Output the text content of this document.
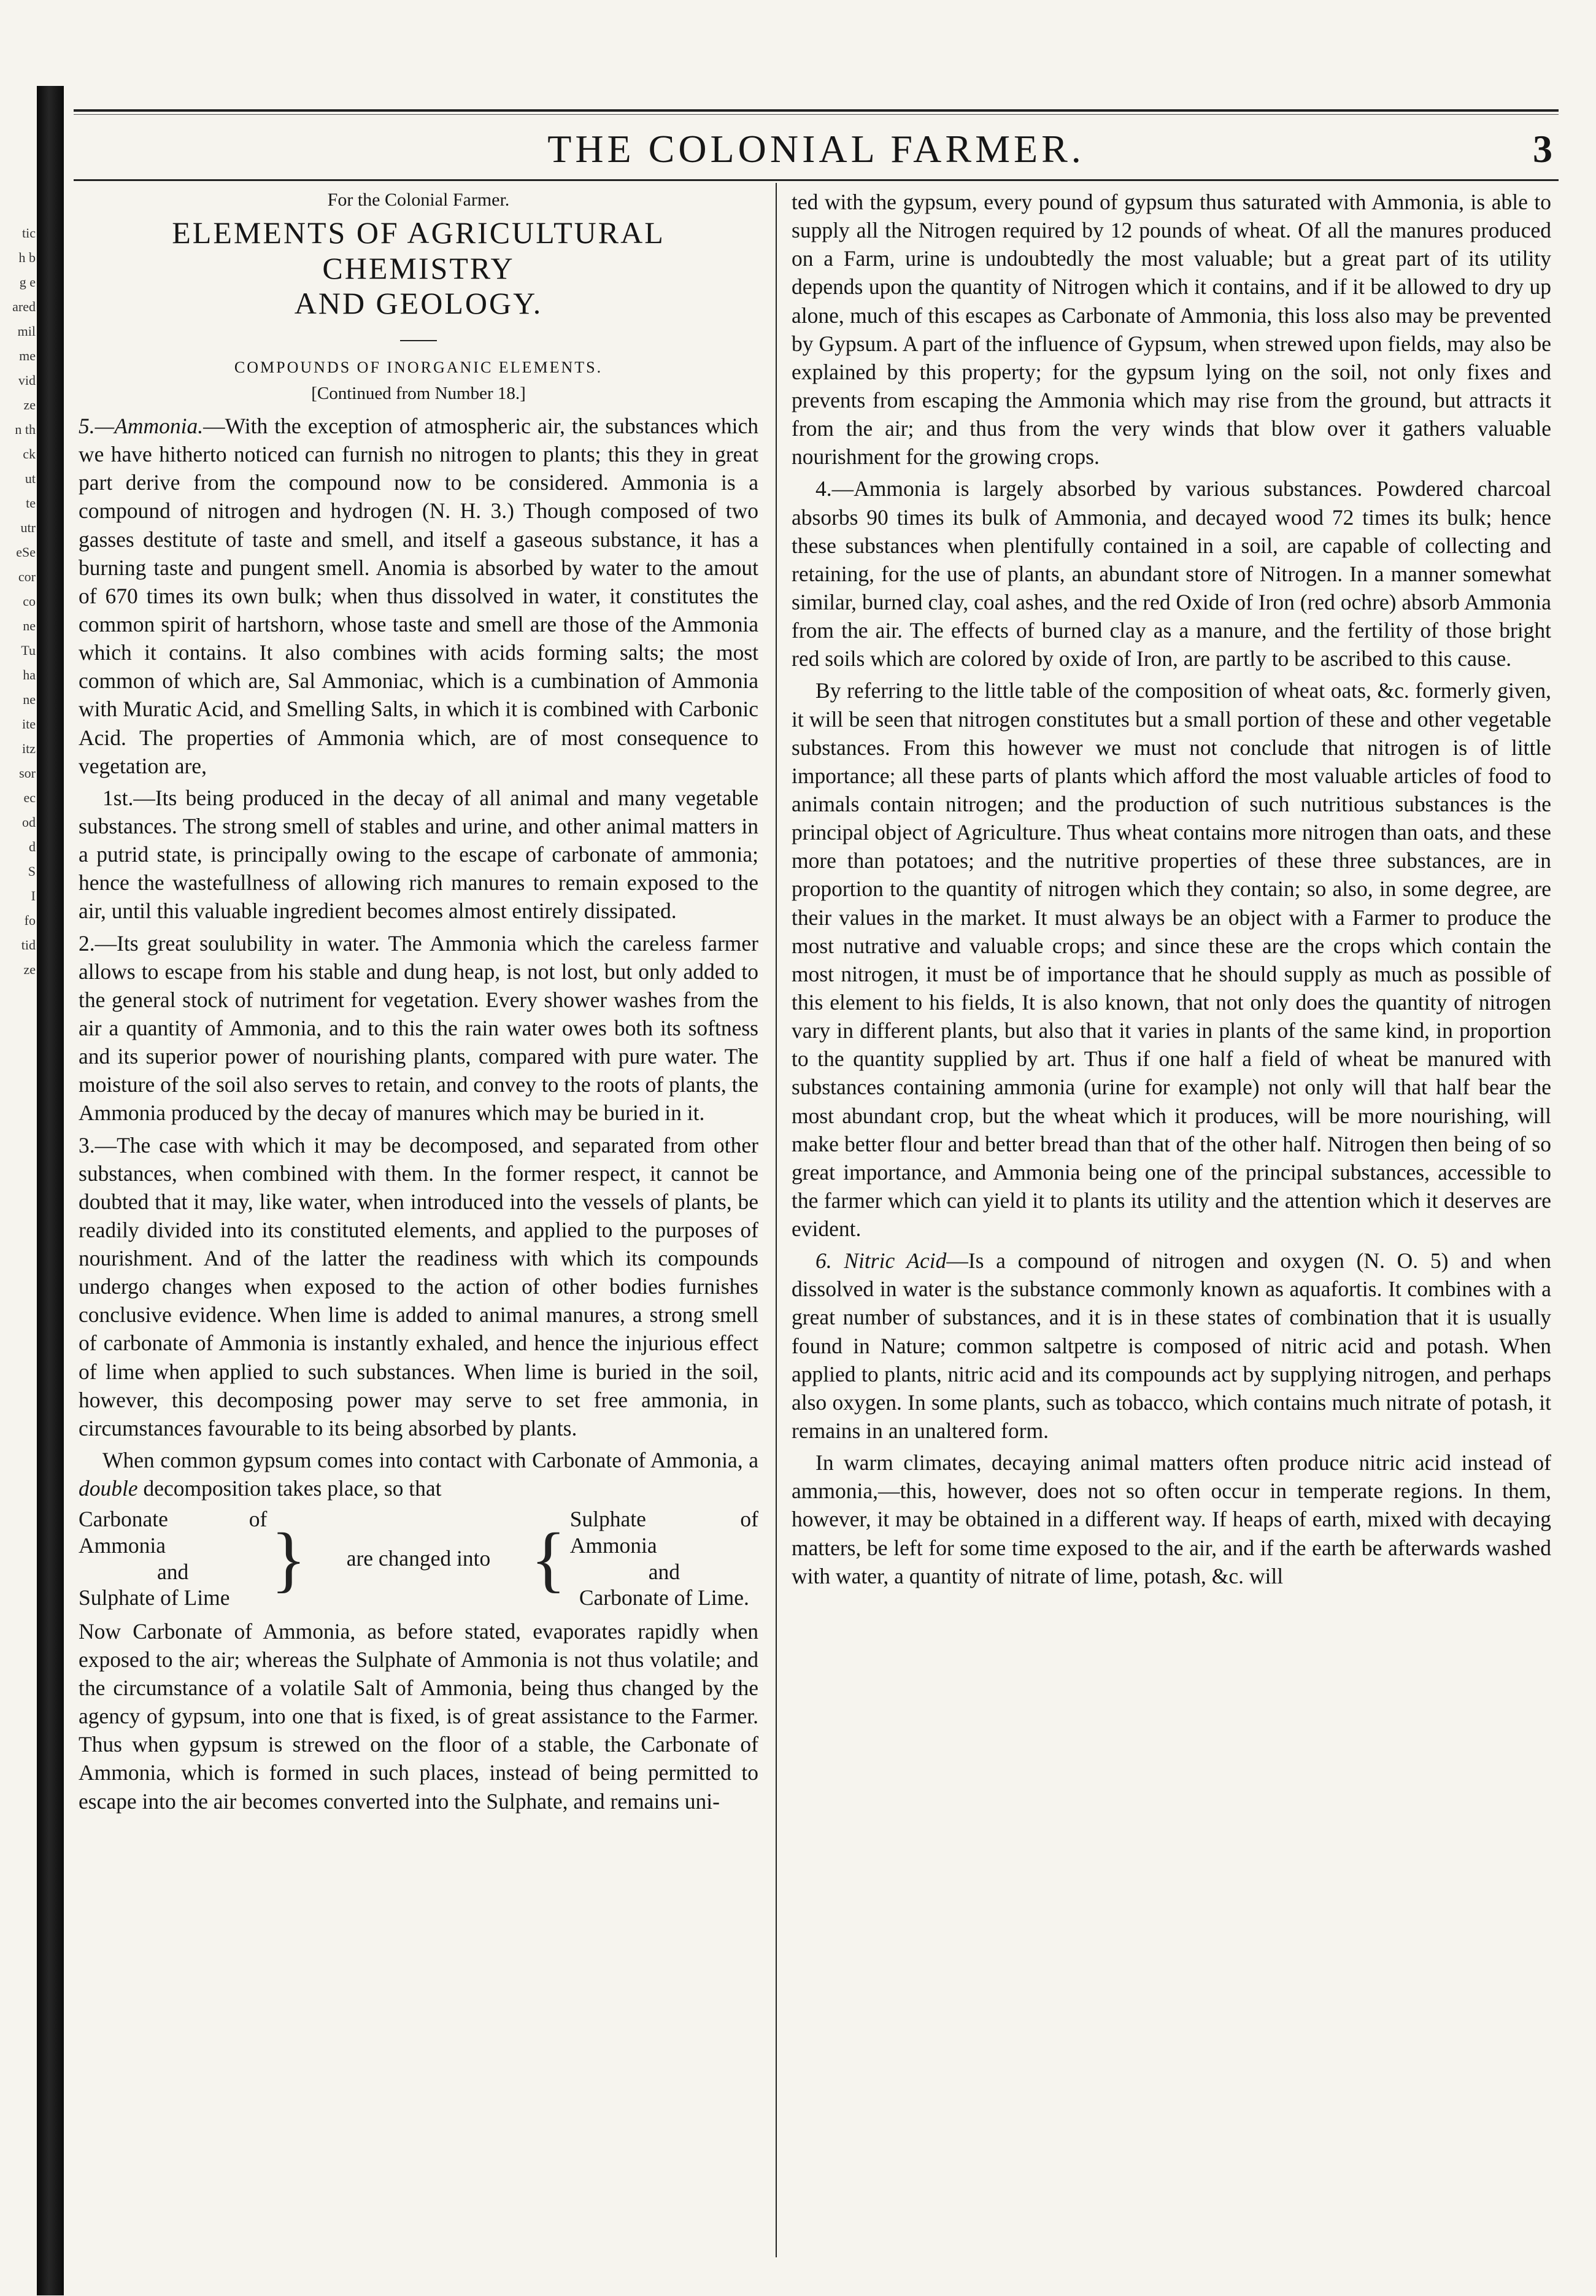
tic
h b
g e
ared
mil
me
vid
ze
n th
ck
ut
te
utr
eSe
cor
co
ne
Tu
ha
ne
ite
itz
sor
ec
od
d
S
I
fo
tid
ze
THE COLONIAL FARMER.	3
For the Colonial Farmer.
ELEMENTS OF AGRICULTURAL CHEMISTRY
AND GEOLOGY.
COMPOUNDS OF INORGANIC ELEMENTS.
[Continued from Number 18.]

5.—Ammonia.—With the exception of atmospheric air, the substances which we have hitherto noticed can furnish no nitrogen to plants; this they in great part derive from the compound now to be considered. Ammonia is a compound of nitrogen and hydrogen (N. H. 3.) Though composed of two gasses destitute of taste and smell, and itself a gaseous substance, it has a burning taste and pungent smell. Anomia is absorbed by water to the amout of 670 times its own bulk; when thus dissolved in water, it constitutes the common spirit of hartshorn, whose taste and smell are those of the Ammonia which it contains. It also combines with acids forming salts; the most common of which are, Sal Ammoniac, which is a cumbination of Ammonia with Muratic Acid, and Smelling Salts, in which it is combined with Carbonic Acid. The properties of Ammonia which, are of most consequence to vegetation are,

1st.—Its being produced in the decay of all animal and many vegetable substances. The strong smell of stables and urine, and other animal matters in a putrid state, is principally owing to the escape of carbonate of ammonia; hence the wastefullness of allowing rich manures to remain exposed to the air, until this valuable ingredient becomes almost entirely dissipated.

2.—Its great soulubility in water. The Ammonia which the careless farmer allows to escape from his stable and dung heap, is not lost, but only added to the general stock of nutriment for vegetation. Every shower washes from the air a quantity of Ammonia, and to this the rain water owes both its softness and its superior power of nourishing plants, compared with pure water. The moisture of the soil also serves to retain, and convey to the roots of plants, the Ammonia produced by the decay of manures which may be buried in it.

3.—The case with which it may be decomposed, and separated from other substances, when combined with them. In the former respect, it cannot be doubted that it may, like water, when introduced into the vessels of plants, be readily divided into its constituted elements, and applied to the purposes of nourishment. And of the latter the readiness with which its compounds undergo changes when exposed to the action of other bodies furnishes conclusive evidence. When lime is added to animal manures, a strong smell of carbonate of Ammonia is instantly exhaled, and hence the injurious effect of lime when applied to such substances. When lime is buried in the soil, however, this decomposing power may serve to set free ammonia, in circumstances favourable to its being absorbed by plants.

When common gypsum comes into contact with Carbonate of Ammonia, a double decomposition takes place, so that

Carbonate of Ammonia
and
Sulphate of Lime }	are changed into { Sulphate of Ammonia
and
Carbonate of Lime.

Now Carbonate of Ammonia, as before stated, evaporates rapidly when exposed to the air; whereas the Sulphate of Ammonia is not thus volatile; and the circumstance of a volatile Salt of Ammonia, being thus changed by the agency of gypsum, into one that is fixed, is of great assistance to the Farmer. Thus when gypsum is strewed on the floor of a stable, the Carbonate of Ammonia, which is formed in such places, instead of being permitted to escape into the air becomes converted into the Sulphate, and remains uni-

ted with the gypsum, every pound of gypsum thus saturated with Ammonia, is able to supply all the Nitrogen required by 12 pounds of wheat. Of all the manures produced on a Farm, urine is undoubtedly the most valuable; but a great part of its utility depends upon the quantity of Nitrogen which it contains, and if it be allowed to dry up alone, much of this escapes as Carbonate of Ammonia, this loss also may be prevented by Gypsum. A part of the influence of Gypsum, when strewed upon fields, may also be explained by this property; for the gypsum lying on the soil, not only fixes and prevents from escaping the Ammonia which may rise from the ground, but attracts it from the air; and thus from the very winds that blow over it gathers valuable nourishment for the growing crops.

4.—Ammonia is largely absorbed by various substances. Powdered charcoal absorbs 90 times its bulk of Ammonia, and decayed wood 72 times its bulk; hence these substances when plentifully contained in a soil, are capable of collecting and retaining, for the use of plants, an abundant store of Nitrogen. In a manner somewhat similar, burned clay, coal ashes, and the red Oxide of Iron (red ochre) absorb Ammonia from the air. The effects of burned clay as a manure, and the fertility of those bright red soils which are colored by oxide of Iron, are partly to be ascribed to this cause.

By referring to the little table of the composition of wheat oats, &c. formerly given, it will be seen that nitrogen constitutes but a small portion of these and other vegetable substances. From this however we must not conclude that nitrogen is of little importance; all these parts of plants which afford the most valuable articles of food to animals contain nitrogen; and the production of such nutritious substances is the principal object of Agriculture. Thus wheat contains more nitrogen than oats, and these more than potatoes; and the nutritive properties of these three substances, are in proportion to the quantity of nitrogen which they contain; so also, in some degree, are their values in the market. It must always be an object with a Farmer to produce the most nutrative and valuable crops; and since these are the crops which contain the most nitrogen, it must be of importance that he should supply as much as possible of this element to his fields, It is also known, that not only does the quantity of nitrogen vary in different plants, but also that it varies in plants of the same kind, in proportion to the quantity supplied by art. Thus if one half a field of wheat be manured with substances containing ammonia (urine for example) not only will that half bear the most abundant crop, but the wheat which it produces, will be more nourishing, will make better flour and better bread than that of the other half. Nitrogen then being of so great importance, and Ammonia being one of the principal substances, accessible to the farmer which can yield it to plants its utility and the attention which it deserves are evident.

6. Nitric Acid—Is a compound of nitrogen and oxygen (N. O. 5) and when dissolved in water is the substance commonly known as aquafortis. It combines with a great number of substances, and it is in these states of combination that it is usually found in Nature; common saltpetre is composed of nitric acid and potash. When applied to plants, nitric acid and its compounds act by supplying nitrogen, and perhaps also oxygen. In some plants, such as tobacco, which contains much nitrate of potash, it remains in an unaltered form.

In warm climates, decaying animal matters often produce nitric acid instead of ammonia,—this, however, does not so often occur in temperate regions. In them, however, it may be obtained in a different way. If heaps of earth, mixed with decaying matters, be left for some time exposed to the air, and if the earth be afterwards washed with water, a quantity of nitrate of lime, potash, &c. will
